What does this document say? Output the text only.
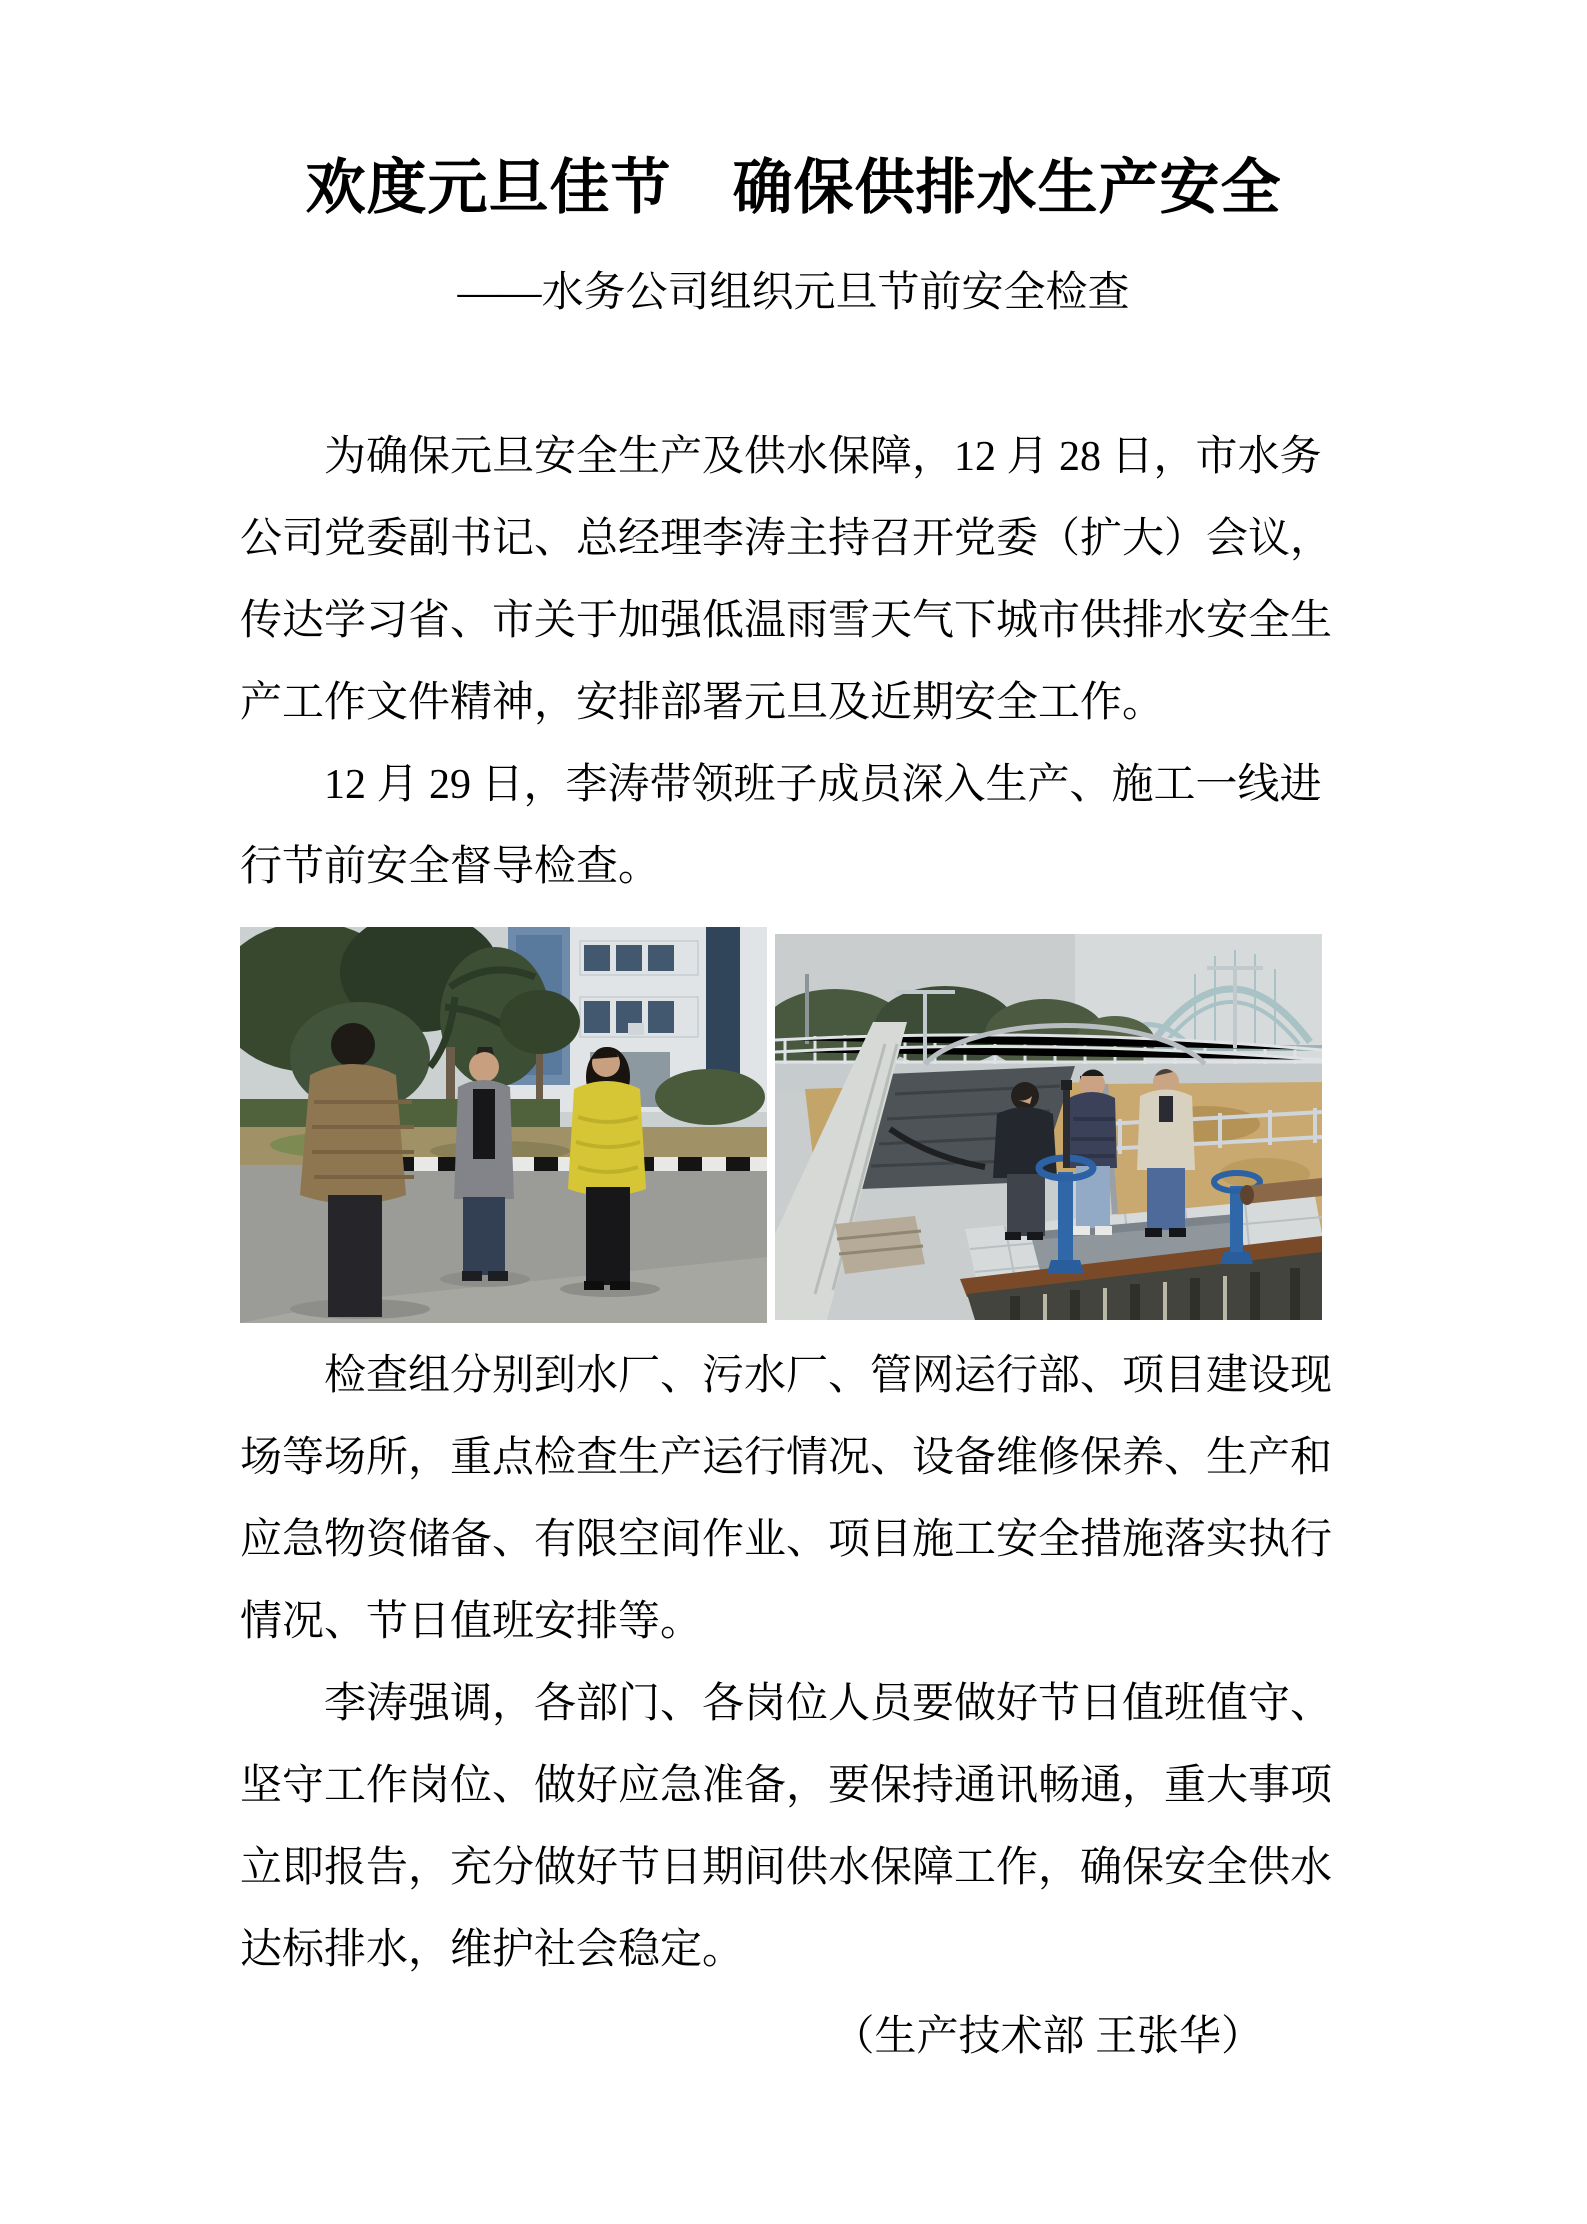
欢度元旦佳节　确保供排水生产安全
——水务公司组织元旦节前安全检查
为确保元旦安全生产及供水保障，12 月 28 日，市水务
公司党委副书记、总经理李涛主持召开党委（扩大）会议，
传达学习省、市关于加强低温雨雪天气下城市供排水安全生
产工作文件精神，安排部署元旦及近期安全工作。
12 月 29 日，李涛带领班子成员深入生产、施工一线进
行节前安全督导检查。
检查组分别到水厂、污水厂、管网运行部、项目建设现
场等场所，重点检查生产运行情况、设备维修保养、生产和
应急物资储备、有限空间作业、项目施工安全措施落实执行
情况、节日值班安排等。
李涛强调，各部门、各岗位人员要做好节日值班值守、
坚守工作岗位、做好应急准备，要保持通讯畅通，重大事项
立即报告，充分做好节日期间供水保障工作，确保安全供水
达标排水，维护社会稳定。
（生产技术部 王张华）
